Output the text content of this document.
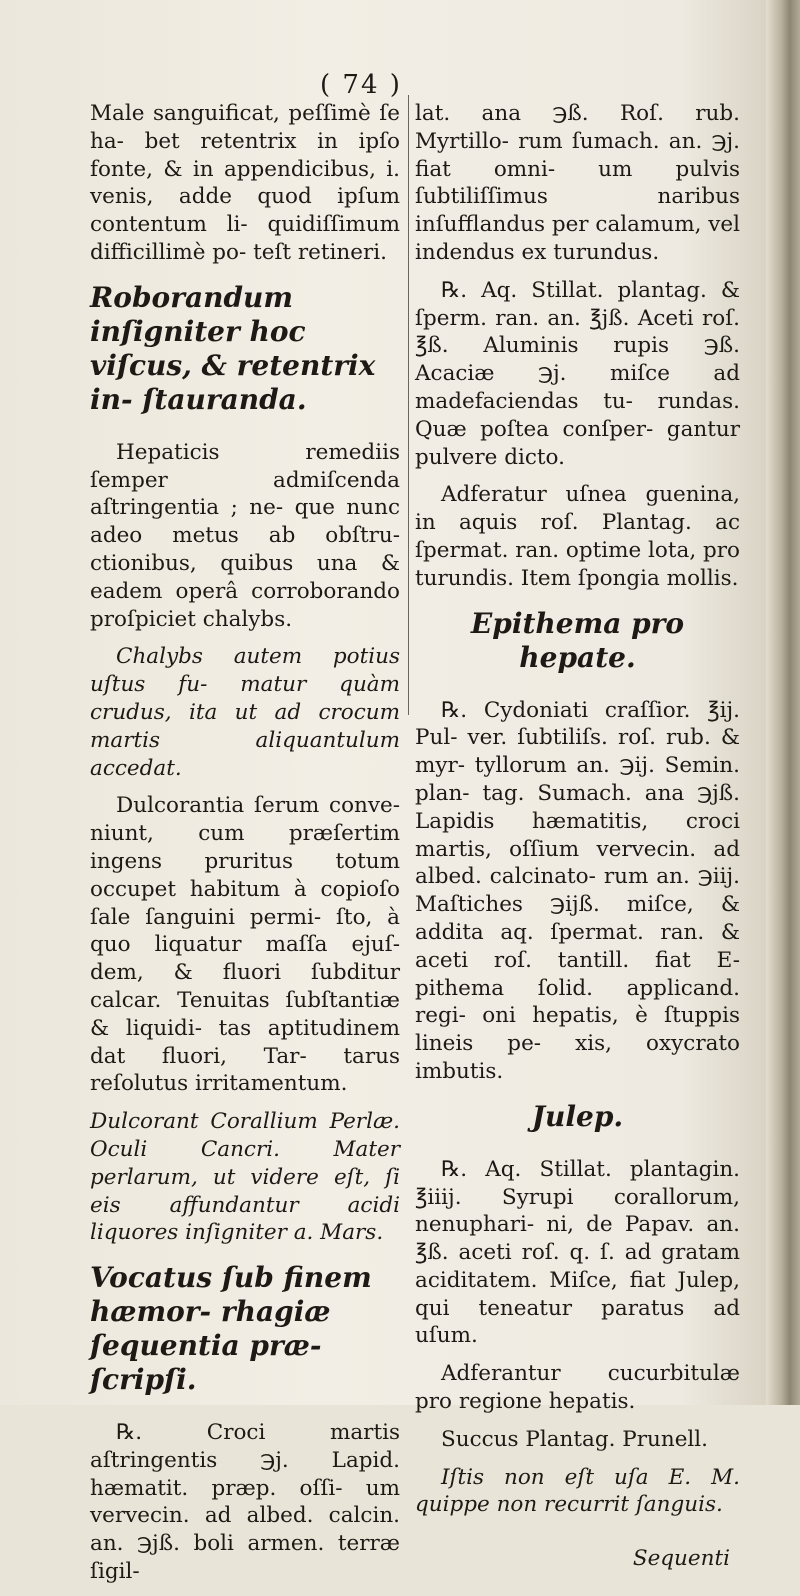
( 74 )

Male sanguificat, peſſimè ſe ha- bet retentrix in ipſo fonte, & in appendicibus, i. venis, adde quod ipſum contentum li- quidiſſimum difficillimè po- teſt retineri.

Roborandum inſigniter hoc viſcus, & retentrix in- ſtauranda.

Hepaticis remediis ſemper admiſcenda aſtringentia ; ne- que nunc adeo metus ab obſtru- ctionibus, quibus una & eadem operâ corroborando proſpiciet chalybs.

Chalybs autem potius uſtus fu- matur quàm crudus, ita ut ad crocum martis aliquantulum accedat.

Dulcorantia ſerum conve- niunt, cum præſertim ingens pruritus totum occupet habitum à copioſo ſale ſanguini permi- ſto, à quo liquatur maſſa ejuſ- dem, & fluori ſubditur calcar. Tenuitas ſubſtantiæ & liquidi- tas aptitudinem dat fluori, Tar- tarus reſolutus irritamentum.

Dulcorant Corallium Perlæ. Oculi Cancri. Mater perlarum, ut videre eſt, ſi eis affundantur acidi liquores inſigniter a. Mars.

Vocatus ſub finem hæmor- rhagiæ ſequentia præ- ſcripſi.

℞. Croci martis aſtringentis ℈j. Lapid. hæmatit. præp. oſſi- um vervecin. ad albed. calcin. an. ℈jß. boli armen. terræ ſigil-

lat. ana ℈ß. Roſ. rub. Myrtillo- rum ſumach. an. ℈j. fiat omni- um pulvis ſubtiliſſimus naribus inſufflandus per calamum, vel indendus ex turundus.

℞. Aq. Stillat. plantag. & ſperm. ran. an. ℥jß. Aceti roſ. ℥ß. Aluminis rupis ℈ß. Acaciæ ℈j. miſce ad madefaciendas tu- rundas. Quæ poſtea conſper- gantur pulvere dicto.

Adferatur uſnea guenina, in aquis roſ. Plantag. ac ſpermat. ran. optime lota, pro turundis. Item ſpongia mollis.

Epithema pro hepate.

℞. Cydoniati craſſior. ℥ij. Pul- ver. ſubtiliſs. roſ. rub. & myr- tyllorum an. ℈ij. Semin. plan- tag. Sumach. ana ℈jß. Lapidis hæmatitis, croci martis, oſſium vervecin. ad albed. calcinato- rum an. ℈iij. Maſtiches ℈ijß. miſce, & addita aq. ſpermat. ran. & aceti roſ. tantill. fiat E- pithema ſolid. applicand. regi- oni hepatis, è ſtuppis lineis pe- xis, oxycrato imbutis.

Julep.

℞. Aq. Stillat. plantagin. ℥iiij. Syrupi corallorum, nenuphari- ni, de Papav. an. ℥ß. aceti roſ. q. ſ. ad gratam aciditatem. Miſce, fiat Julep, qui teneatur paratus ad uſum.

Adferantur cucurbitulæ pro regione hepatis.

Succus Plantag. Prunell.

Iſtis non eſt uſa E. M. quippe non recurrit ſanguis.

Sequenti
